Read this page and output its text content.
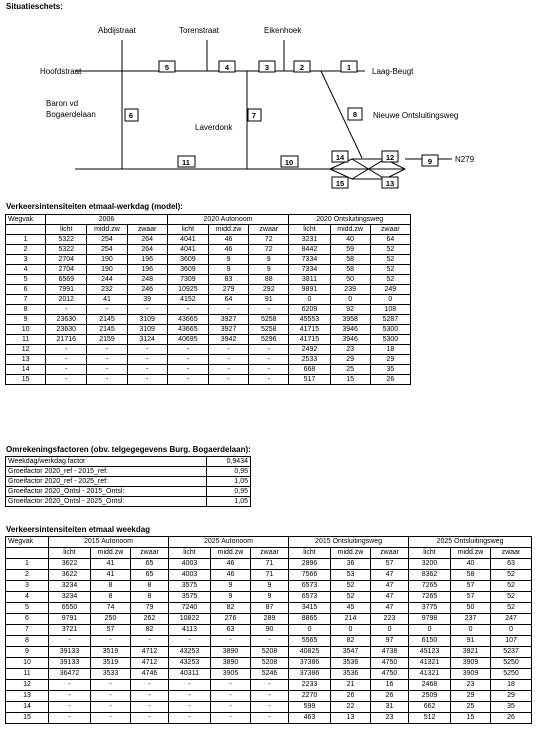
Situatieschets:
Abdijstraat	Torenstraat	Eikenhoek
Hoofdstraat	Laag-Beugt
Baron vd
Bogaerdelaan
Laverdonk
Nieuwe Ontsluitingsweg
N279
5	4	3	2	1
6	7	8
11	10
14	12	9
15	13
Verkeersintensiteiten etmaal-werkdag (model):
Wegvak	2006			2020 Autonoom			2020 Ontsluitingsweg		
	licht	midd.zw	zwaar	licht	midd.zw	zwaar	licht	midd.zw	zwaar
1	5322	254	264	4041	46	72	3231	40	64
2	5322	254	264	4041	46	72	8442	59	52
3	2704	190	196	3609	9	9	7334	58	52
4	2704	190	196	3609	9	9	7334	58	52
5	6569	244	248	7309	83	88	3811	50	52
6	7991	232	246	10925	279	292	9891	239	249
7	2012	41	39	4152	64	91	0	0	0
8	-	-	-	-	-	-	6209	92	108
9	23630	2145	3109	43665	3927	5258	45553	3958	5287
10	23630	2145	3109	43665	3927	5258	41715	3946	5300
11	21716	2159	3124	40695	3942	5296	41715	3946	5300
12	-	-	-	-	-	-	2492	23	18
13	-	-	-	-	-	-	2533	29	29
14	-	-	-	-	-	-	668	25	35
15	-	-	-	-	-	-	517	15	26
Omrekeningsfactoren (obv. telgegegevens Burg. Bogaerdelaan):
Weekdag/werkdag factor	0,9434
Groeifactor 2020_ref - 2015_ref:	0,95
Groeifactor 2020_ref - 2025_ref:	1,05
Groeifactor 2020_Ontsl - 2015_Ontsl:	0,95
Groeifactor 2020_Ontsl - 2025_Ontsl:	1,05
Verkeersintensiteiten etmaal weekdag
Wegvak	2015 Autonoom			2025 Autonoom			2015 Ontsluitingsweg			2025 Ontsluitingsweg		
	licht	midd.zw	zwaar	licht	midd.zw	zwaar	licht	midd.zw	zwaar	licht	midd.zw	zwaar
1	3622	41	65	4003	46	71	2896	36	57	3200	40	63
2	3622	41	65	4003	46	71	7566	53	47	8362	58	52
3	3234	8	8	3575	9	9	6573	52	47	7265	57	52
4	3234	8	8	3575	9	9	6573	52	47	7265	57	52
5	6550	74	79	7240	82	87	3415	45	47	3775	50	52
6	9791	250	262	10822	276	289	8865	214	223	9798	237	247
7	3721	57	82	4113	63	90	0	0	0	0	0	0
8	-	-	-	-	-	-	5565	82	97	6150	91	107
9	39133	3519	4712	43253	3890	5208	40825	3547	4738	45123	3921	5237
10	39133	3519	4712	43253	3890	5208	37386	3536	4750	41321	3909	5250
11	36472	3533	4746	40311	3905	5246	37386	3536	4750	41321	3909	5250
12	-	-	-	-	-	-	2233	21	16	2468	23	18
13	-	-	-	-	-	-	2270	26	26	2509	29	29
14	-	-	-	-	-	-	599	22	31	662	25	35
15	-	-	-	-	-	-	463	13	23	512	15	26
